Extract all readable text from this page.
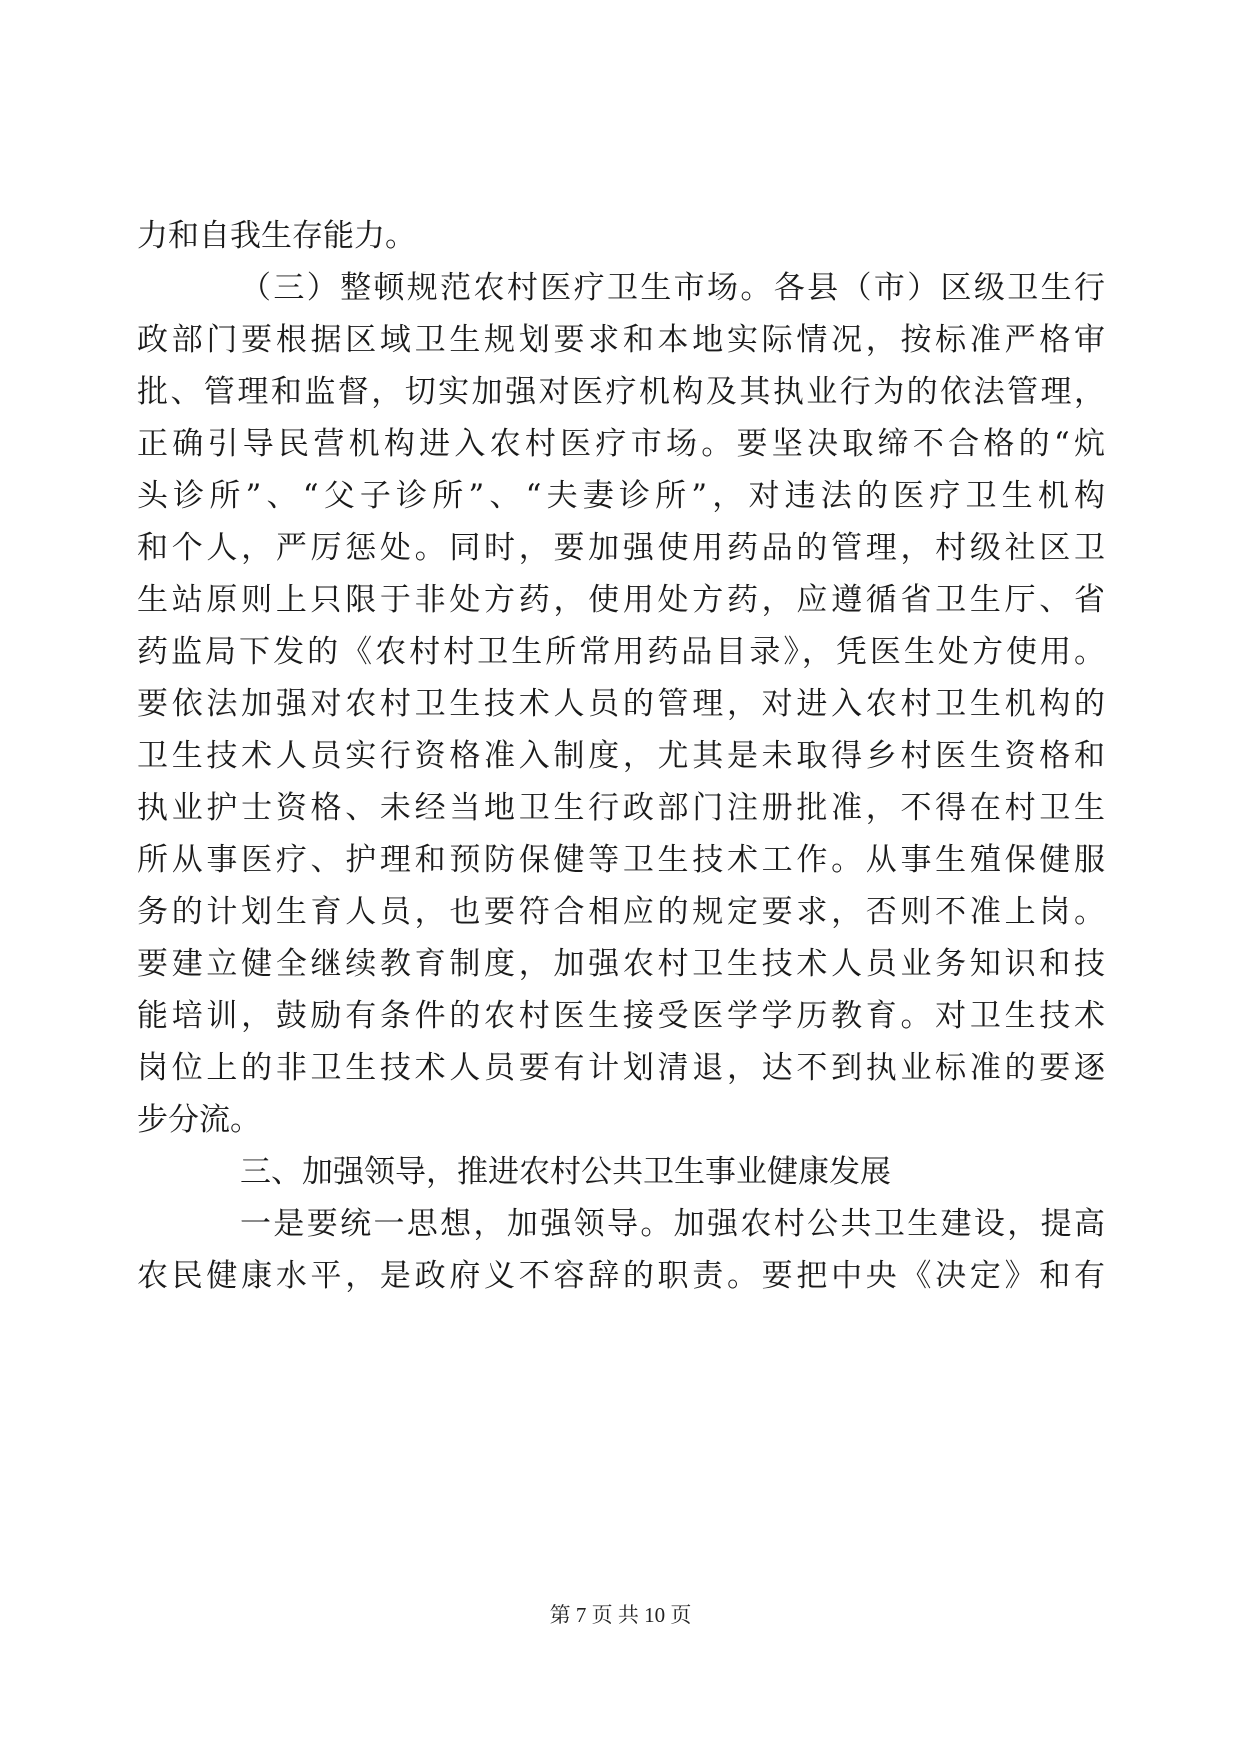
力和自我生存能力。
（三）整顿规范农村医疗卫生市场。各县（市）区级卫生行
政部门要根据区域卫生规划要求和本地实际情况，按标准严格审
批、管理和监督，切实加强对医疗机构及其执业行为的依法管理，
正确引导民营机构进入农村医疗市场。要坚决取缔不合格的“炕
头诊所”、“父子诊所”、“夫妻诊所”，对违法的医疗卫生机构
和个人，严厉惩处。同时，要加强使用药品的管理，村级社区卫
生站原则上只限于非处方药，使用处方药，应遵循省卫生厅、省
药监局下发的《农村村卫生所常用药品目录》，凭医生处方使用。
要依法加强对农村卫生技术人员的管理，对进入农村卫生机构的
卫生技术人员实行资格准入制度，尤其是未取得乡村医生资格和
执业护士资格、未经当地卫生行政部门注册批准，不得在村卫生
所从事医疗、护理和预防保健等卫生技术工作。从事生殖保健服
务的计划生育人员，也要符合相应的规定要求，否则不准上岗。
要建立健全继续教育制度，加强农村卫生技术人员业务知识和技
能培训，鼓励有条件的农村医生接受医学学历教育。对卫生技术
岗位上的非卫生技术人员要有计划清退，达不到执业标准的要逐
步分流。
三、加强领导，推进农村公共卫生事业健康发展
一是要统一思想，加强领导。加强农村公共卫生建设，提高
农民健康水平，是政府义不容辞的职责。要把中央《决定》和有
第 7 页 共 10 页
